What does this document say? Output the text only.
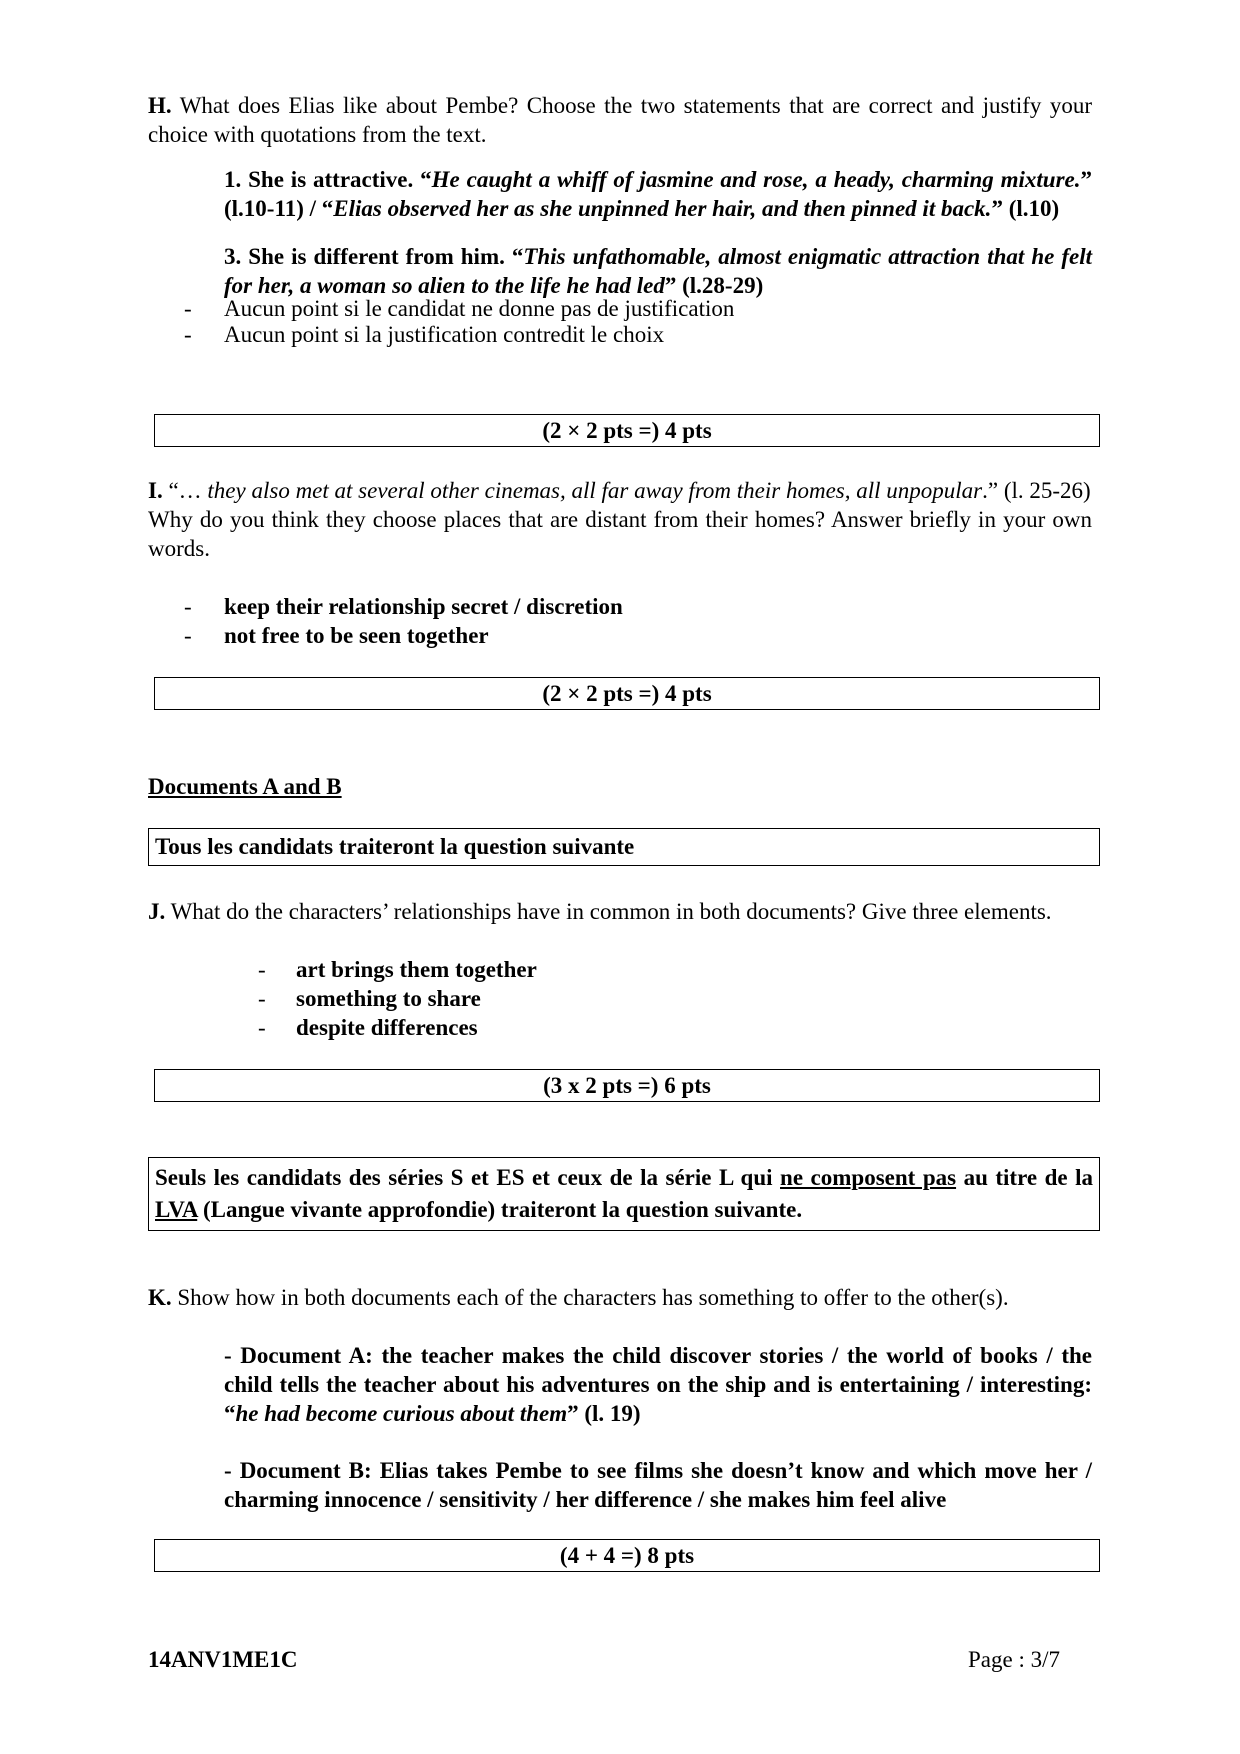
H. What does Elias like about Pembe? Choose the two statements that are correct and justify your choice with quotations from the text.
1. She is attractive. “He caught a whiff of jasmine and rose, a heady, charming mixture.” (l.10-11) / “Elias observed her as she unpinned her hair, and then pinned it back.” (l.10)
3. She is different from him. “This unfathomable, almost enigmatic attraction that he felt for her, a woman so alien to the life he had led” (l.28-29)
-	Aucun point si le candidat ne donne pas de justification
-	Aucun point si la justification contredit le choix
(2 × 2 pts =) 4 pts
I. “… they also met at several other cinemas, all far away from their homes, all unpopular.” (l. 25-26)
Why do you think they choose places that are distant from their homes? Answer briefly in your own words.
-	keep their relationship secret / discretion
-	not free to be seen together
(2 × 2 pts =) 4 pts
Documents A and B
Tous les candidats traiteront la question suivante
J. What do the characters’ relationships have in common in both documents? Give three elements.
-	art brings them together
-	something to share
-	despite differences
(3 x 2 pts =) 6 pts
Seuls les candidats des séries S et ES et ceux de la série L qui ne composent pas au titre de la LVA (Langue vivante approfondie) traiteront la question suivante.
K. Show how in both documents each of the characters has something to offer to the other(s).
- Document A: the teacher makes the child discover stories / the world of books / the child tells the teacher about his adventures on the ship and is entertaining / interesting: “he had become curious about them” (l. 19)
- Document B: Elias takes Pembe to see films she doesn’t know and which move her / charming innocence / sensitivity / her difference / she makes him feel alive
(4 + 4 =) 8 pts
14ANV1ME1C	Page : 3/7
